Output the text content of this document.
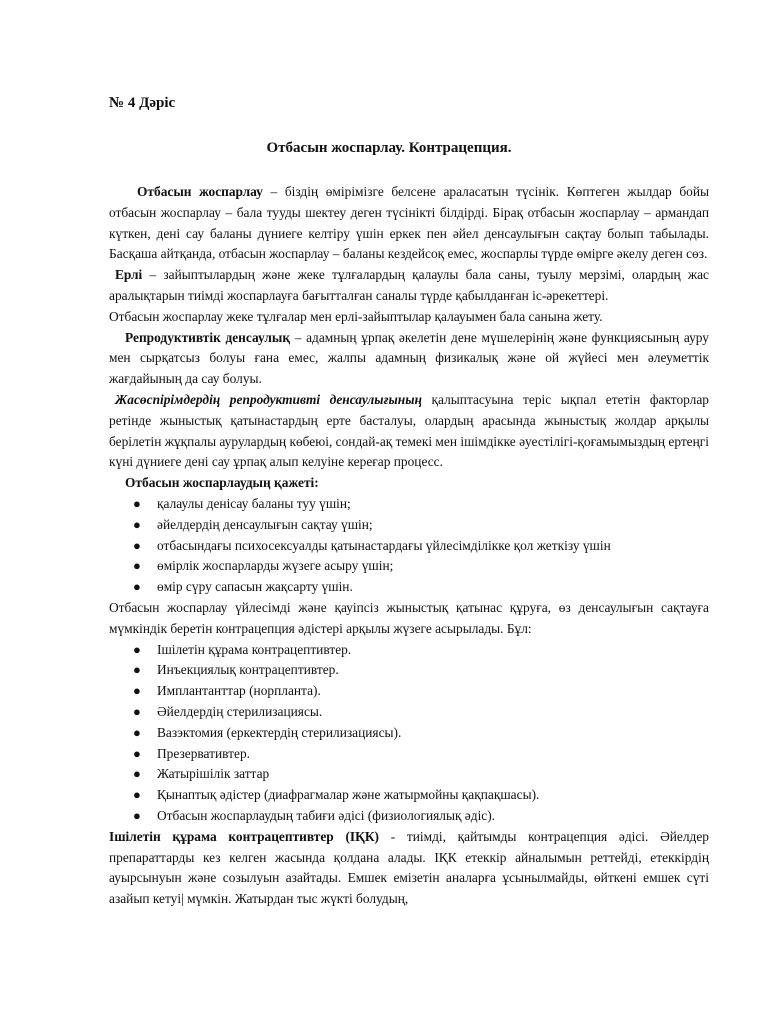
№ 4 Дәріс
Отбасын жоспарлау. Контрацепция.

Отбасын жоспарлау – біздің өмірімізге белсене араласатын түсінік. Көптеген жылдар бойы отбасын жоспарлау – бала тууды шектеу деген түсінікті білдірді. Бірақ отбасын жоспарлау – армандап күткен, дені сау баланы дүниеге келтіру үшін еркек пен әйел денсаулығын сақтау болып табылады. Басқаша айтқанда, отбасын жоспарлау – баланы кездейсоқ емес, жоспарлы түрде өмірге әкелу деген сөз.

Ерлі – зайыптылардың және жеке тұлғалардың қалаулы бала саны, туылу мерзімі, олардың жас аралықтарын тиімді жоспарлауға бағытталған саналы түрде қабылданған іс-әрекеттері.

Отбасын жоспарлау жеке тұлғалар мен ерлі-зайыптылар қалауымен бала санына жету.

Репродуктивтік денсаулық – адамның ұрпақ әкелетін дене мүшелерінің және функциясының ауру мен сырқатсыз болуы ғана емес, жалпы адамның физикалық және ой жүйесі мен әлеуметтік жағдайының да сау болуы.

Жасөспірімдердің репродуктивті денсаулығының қалыптасуына теріс ықпал ететін факторлар ретінде жыныстық қатынастардың ерте басталуы, олардың арасында жыныстық жолдар арқылы берілетін жұқпалы аурулардың көбеюі, сондай-ақ темекі мен ішімдікке әуестілігі-қоғамымыздың ертеңгі күні дүниеге дені сау ұрпақ алып келуіне кереғар процесс.

Отбасын жоспарлаудың қажеті:
● қалаулы денісау баланы туу үшін;
● әйелдердің денсаулығын сақтау үшін;
● отбасындағы психосексуалды қатынастардағы үйлесімділікке қол жеткізу үшін
● өмірлік жоспарларды жүзеге асыру үшін;
● өмір сүру сапасын жақсарту үшін.

Отбасын жоспарлау үйлесімді және қауіпсіз жыныстық қатынас құруға, өз денсаулығын сақтауға мүмкіндік беретін контрацепция әдістері арқылы жүзеге асырылады. Бұл:

● Ішілетін құрама контрацептивтер.
● Инъекциялық контрацептивтер.
● Имплантанттар (норпланта).
● Әйелдердің стерилизациясы.
● Вазэктомия (еркектердің стерилизациясы).
● Презервативтер.
● Жатырішілік заттар
● Қынаптық әдістер (диафрагмалар және жатырмойны қақпақшасы).
● Отбасын жоспарлаудың табиғи әдісі (физиологиялық әдіс).

Ішілетін құрама контрацептивтер (ІҚК) - тиімді, қайтымды контрацепция әдісі. Әйелдер препараттарды кез келген жасында қолдана алады. ІҚК етеккір айналымын реттейді, етеккірдің ауырсынуын және созылуын азайтады. Емшек емізетін аналарға ұсынылмайды, өйткені емшек сүті азайып кетуі| мүмкін. Жатырдан тыс жүкті болудың,
